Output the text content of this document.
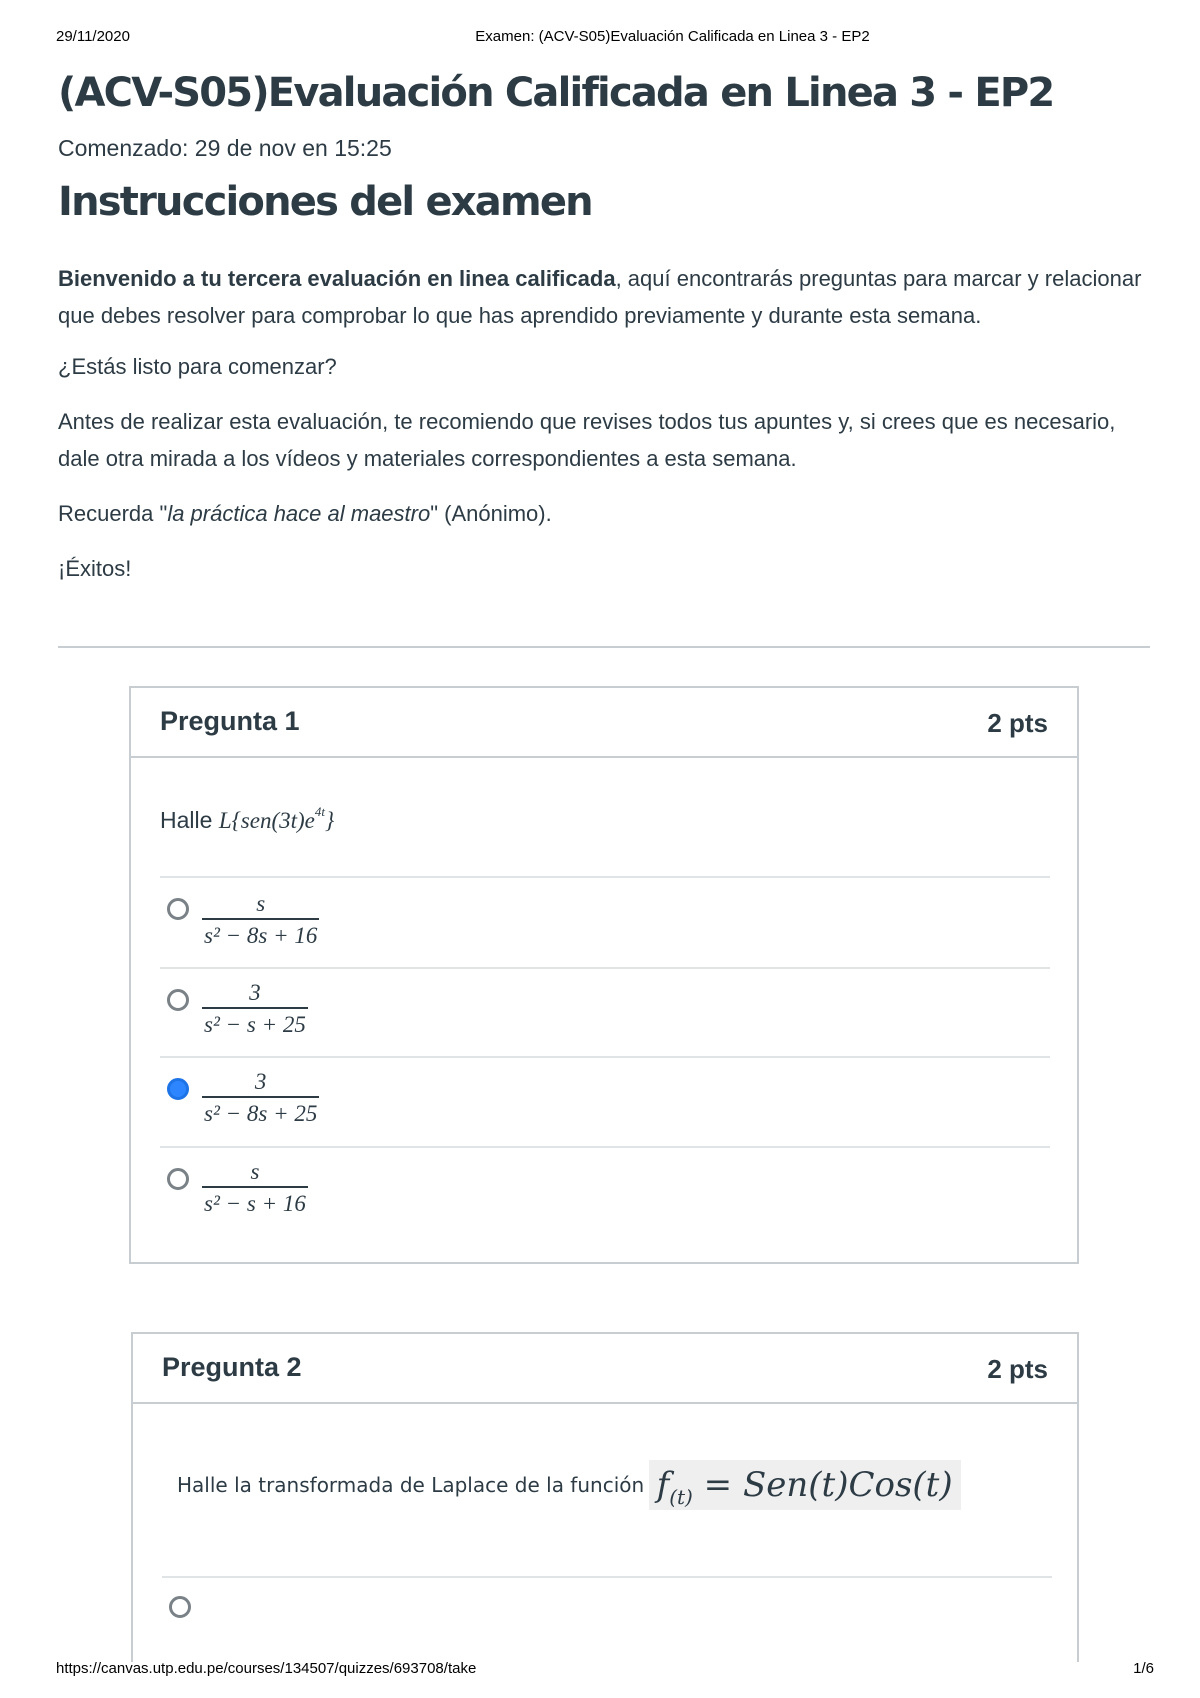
29/11/2020	Examen: (ACV-S05)Evaluación Calificada en Linea 3 - EP2
(ACV-S05)Evaluación Calificada en Linea 3 - EP2
Comenzado: 29 de nov en 15:25
Instrucciones del examen

Bienvenido a tu tercera evaluación en linea calificada, aquí encontrarás preguntas para marcar y relacionar que debes resolver para comprobar lo que has aprendido previamente y durante esta semana.

¿Estás listo para comenzar?

Antes de realizar esta evaluación, te recomiendo que revises todos tus apuntes y, si crees que es necesario, dale otra mirada a los vídeos y materiales correspondientes a esta semana.

Recuerda "la práctica hace al maestro" (Anónimo).

¡Éxitos!

Pregunta 1	2 pts
Halle $L\{sen(3t)e^{4t}\}$
$\frac{s}{\text{s² − 8s + 16}}$
$\frac{3}{\text{s² − s + 25}}$
$\frac{3}{\text{s² − 8s + 25}}$
$\frac{s}{\text{s² − s + 16}}$
Pregunta 2	2 pts
Halle la transformada de Laplace de la función $f_{(t)} = Sen(t)Cos(t)$
https://canvas.utp.edu.pe/courses/134507/quizzes/693708/take	1/6
